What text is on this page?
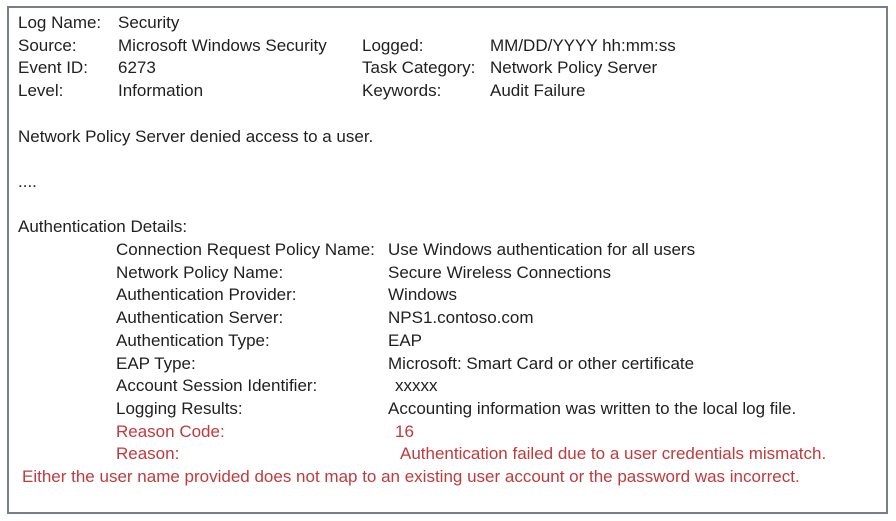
Log Name: Security
Source:	Microsoft Windows Security	Logged:	MM/DD/YYYY hh:mm:ss
Event ID:	6273	Task Category: Network Policy Server
Level:	Information	Keywords:	Audit Failure
Network Policy Server denied access to a user.
....
Authentication Details:
Connection Request Policy Name: Use Windows authentication for all users
Network Policy Name:	Secure Wireless Connections
Authentication Provider:	Windows
Authentication Server:	NPS1.contoso.com
Authentication Type:	EAP
EAP Type:	Microsoft: Smart Card or other certificate
Account Session Identifier:	xxxxx
Logging Results:	Accounting information was written to the local log file.
Reason Code:	16
Reason:	Authentication failed due to a user credentials mismatch.
Either the user name provided does not map to an existing user account or the password was incorrect.
